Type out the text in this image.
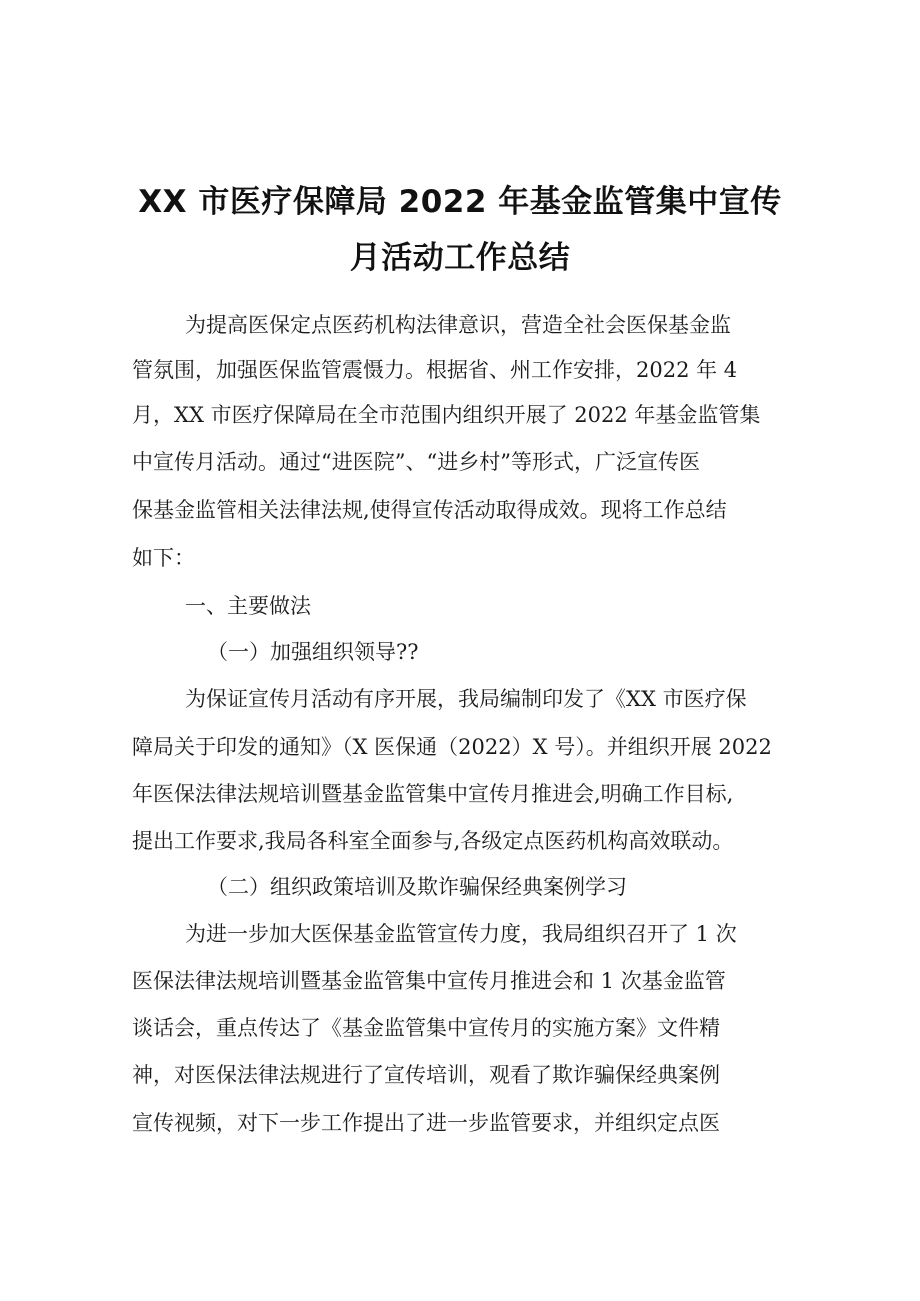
XX 市医疗保障局 2022 年基金监管集中宣传
月活动工作总结
为提高医保定点医药机构法律意识，营造全社会医保基金监
管氛围，加强医保监管震慑力。根据省、州工作安排，2022 年 4
月，XX 市医疗保障局在全市范围内组织开展了 2022 年基金监管集
中宣传月活动。通过“进医院”、“进乡村”等形式，广泛宣传医
保基金监管相关法律法规,使得宣传活动取得成效。现将工作总结
如下：
一、主要做法
（一）加强组织领导??
为保证宣传月活动有序开展，我局编制印发了《XX 市医疗保
障局关于印发的通知》（X 医保通（2022）X 号）。并组织开展 2022
年医保法律法规培训暨基金监管集中宣传月推进会,明确工作目标,
提出工作要求,我局各科室全面参与,各级定点医药机构高效联动。
（二）组织政策培训及欺诈骗保经典案例学习
为进一步加大医保基金监管宣传力度，我局组织召开了 1 次
医保法律法规培训暨基金监管集中宣传月推进会和 1 次基金监管
谈话会，重点传达了《基金监管集中宣传月的实施方案》文件精
神，对医保法律法规进行了宣传培训，观看了欺诈骗保经典案例
宣传视频，对下一步工作提出了进一步监管要求，并组织定点医
